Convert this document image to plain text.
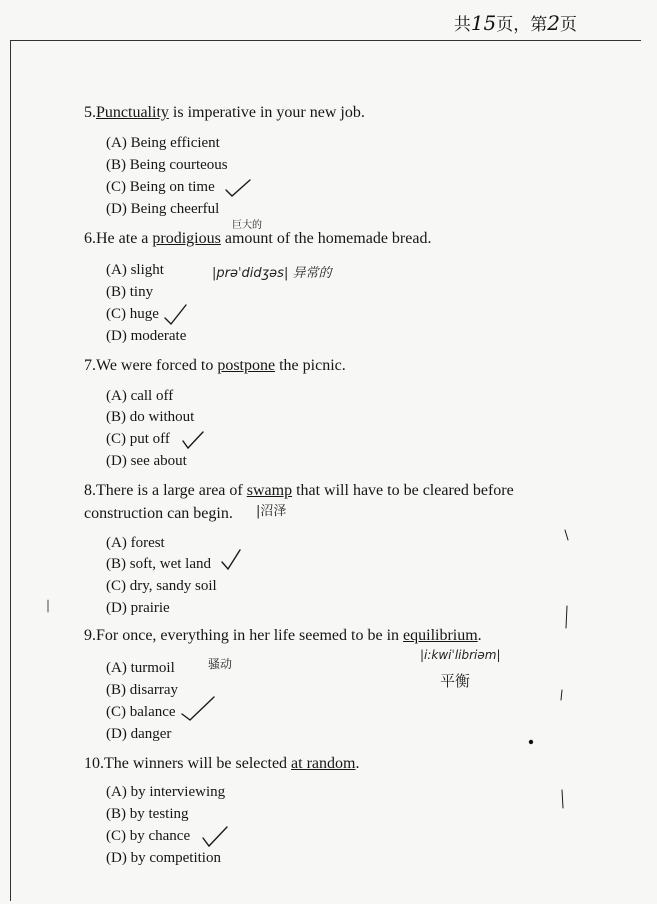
共15页，第2页
5.Punctuality is imperative in your new job.
(A) Being efficient
(B) Being courteous
(C) Being on time
(D) Being cheerful
6.He ate a prodigious amount of the homemade bread.
(A) slight
(B) tiny
(C) huge
(D) moderate
7.We were forced to postpone the picnic.
(A) call off
(B) do without
(C) put off
(D) see about
8.There is a large area of swamp that will have to be cleared before
construction can begin.
(A) forest
(B) soft, wet land
(C) dry, sandy soil
(D) prairie
9.For once, everything in her life seemed to be in equilibrium.
(A) turmoil
(B) disarray
(C) balance
(D) danger
10.The winners will be selected at random.
(A) by interviewing
(B) by testing
(C) by chance
(D) by competition
巨大的
|prəˈdidʒəs| 异常的
|沼泽
骚动
|i:kwiˈlibriəm|
平衡
